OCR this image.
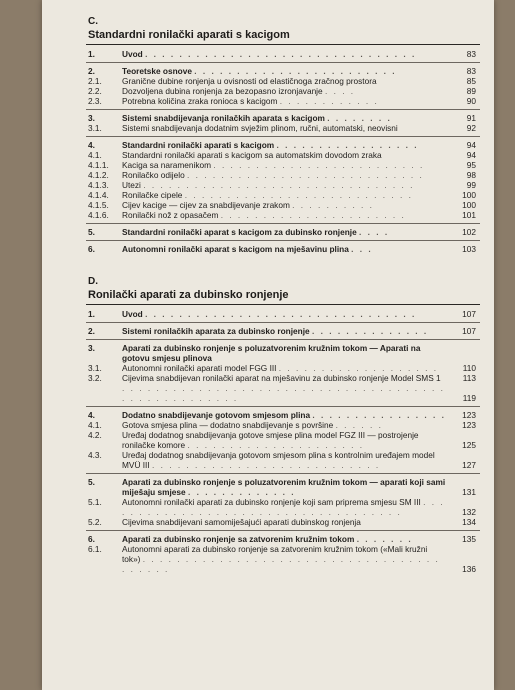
C.
Standardni ronilački aparati s kacigom
1.	Uvod . . . . . . . . . . . . . . . . . . . . . . . . . . . . . . . .	83
2.	Teoretske osnove . . . . . . . . . . . . . . . . . . . . . . . .	83
2.1.	Granične dubine ronjenja u ovisnosti od elastičnoga zračnog prostora	85
2.2.	Dozvoljena dubina ronjenja za bezopasno izronjavanje . . . .	89
2.3.	Potrebna količina zraka ronioca s kacigom . . . . . . . . . . . .	90
3.	Sistemi snabdijevanja ronilačkih aparata s kacigom . . . . . . . .	91
3.1.	Sistemi snabdijevanja dodatnim svježim plinom, ručni, automatski, neovisni	92
4.	Standardni ronilački aparati s kacigom . . . . . . . . . . . . . . . . .	94
4.1.	Standardni ronilački aparati s kacigom sa automatskim dovodom zraka	94
4.1.1.	Kaciga sa naramenikom . . . . . . . . . . . . . . . . . . . . . . . . .	95
4.1.2.	Ronilačko odijelo . . . . . . . . . . . . . . . . . . . . . . . . . . . .	98
4.1.3.	Utezi . . . . . . . . . . . . . . . . . . . . . . . . . . . . . . . .	99
4.1.4.	Ronilačke cipele . . . . . . . . . . . . . . . . . . . . . . . . . . .	100
4.1.5.	Cijev kacige — cijev za snabdijevanje zrakom . . . . . . . . . .	100
4.1.6.	Ronilački nož z opasačem . . . . . . . . . . . . . . . . . . . . . .	101
5.	Standardni ronilački aparat s kacigom za dubinsko ronjenje . . . .	102
6.	Autonomni ronilački aparat s kacigom na mješavinu plina . . .	103
D.
Ronilački aparati za dubinsko ronjenje
1.	Uvod . . . . . . . . . . . . . . . . . . . . . . . . . . . . . . . .	107
2.	Sistemi ronilačkih aparata za dubinsko ronjenje . . . . . . . . . . . . . .	107
3.	Aparati za dubinsko ronjenje s poluzatvorenim kružnim tokom — Aparati na gotovu smjesu plinova
3.1.	Autonomni ronilački aparati model FGG III . . . . . . . . . . . . . . . . . . .	110
3.2.	Cijevima snabdijevan ronilački aparat na mješavinu za dubinsko ronjenje Model SMS 1	113
. . . . . . . . . . . . . . . . . . . . . . . . . . . . . . . . . . . . . . . . . . . . . . . . . . . .	119
4.	Dodatno snabdijevanje gotovom smjesom plina . . . . . . . . . . . . . . . .	123
4.1.	Gotova smjesa plina — dodatno snabdijevanje s površine . . . . . .	123
4.2.	Uređaj dodatnog snabdijevanja gotove smjese plina model FGZ III — postrojenje ronilačke komore . . . . . . . . . . . . . . . . . . . . .	125
4.3.	Uređaj dodatnog snabdijevanja gotovom smjesom plina s kontrolnim uređajem model MVÜ III . . . . . . . . . . . . . . . . . . . . . . . . . . .	127
5.	Aparati za dubinsko ronjenje s poluzatvorenim kružnim tokom — aparati koji sami miješaju smjese . . . . . . . . . . . . .	131
5.1.	Autonomni ronilački aparati za dubinsko ronjenje koji sam priprema smjesu SM III . . . . . . . . . . . . . . . . . . . . . . . . . . . . . . . . . . . .	132
5.2.	Cijevima snabdijevani samomiješajući aparati dubinskog ronjenja	134
6.	Aparati za dubinsko ronjenje sa zatvorenim kružnim tokom . . . . . . .	135
6.1.	Autonomni aparati za dubinsko ronjenje sa zatvorenim kružnim tokom («Mali kružni tok») . . . . . . . . . . . . . . . . . . . . . . . . . . . . . . . . . . . . . . . . .	136
